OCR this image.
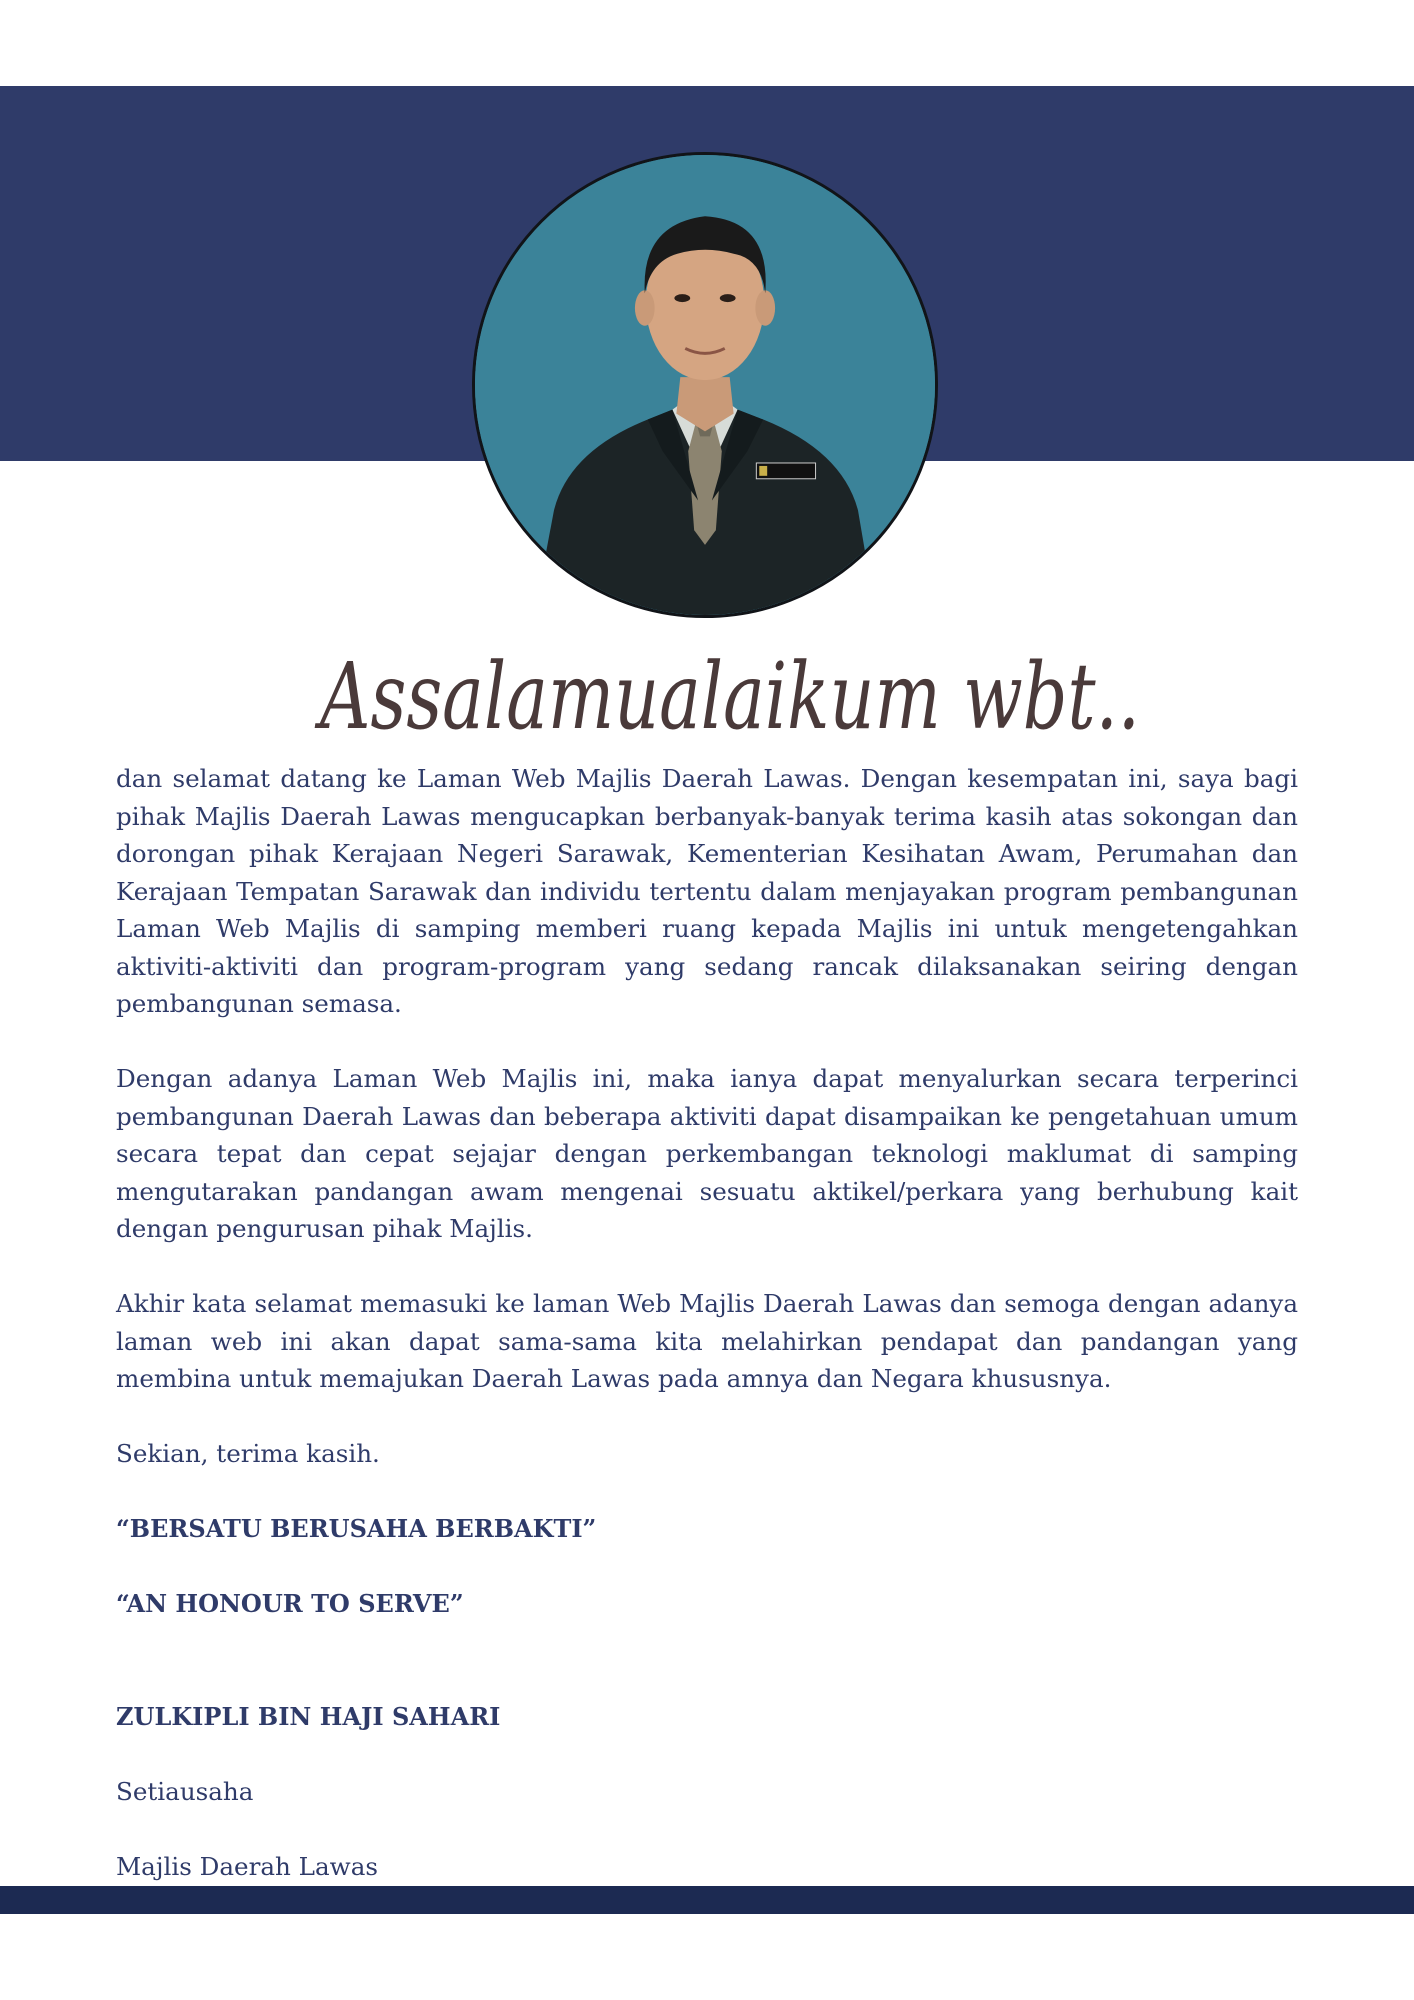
Assalamualaikum wbt..

dan selamat datang ke Laman Web Majlis Daerah Lawas. Dengan kesempatan ini, saya bagi pihak Majlis Daerah Lawas mengucapkan berbanyak-banyak terima kasih atas sokongan dan dorongan pihak Kerajaan Negeri Sarawak, Kementerian Kesihatan Awam, Perumahan dan Kerajaan Tempatan Sarawak dan individu tertentu dalam menjayakan program pembangunan Laman Web Majlis di samping memberi ruang kepada Majlis ini untuk mengetengahkan aktiviti-aktiviti dan program-program yang sedang rancak dilaksanakan seiring dengan pembangunan semasa.

Dengan adanya Laman Web Majlis ini, maka ianya dapat menyalurkan secara terperinci pembangunan Daerah Lawas dan beberapa aktiviti dapat disampaikan ke pengetahuan umum secara tepat dan cepat sejajar dengan perkembangan teknologi maklumat di samping mengutarakan pandangan awam mengenai sesuatu aktikel/perkara yang berhubung kait dengan pengurusan pihak Majlis.

Akhir kata selamat memasuki ke laman Web Majlis Daerah Lawas dan semoga dengan adanya laman web ini akan dapat sama-sama kita melahirkan pendapat dan pandangan yang membina untuk memajukan Daerah Lawas pada amnya dan Negara khususnya.

Sekian, terima kasih.

“BERSATU BERUSAHA BERBAKTI”

“AN HONOUR TO SERVE”

ZULKIPLI BIN HAJI SAHARI

Setiausaha

Majlis Daerah Lawas
